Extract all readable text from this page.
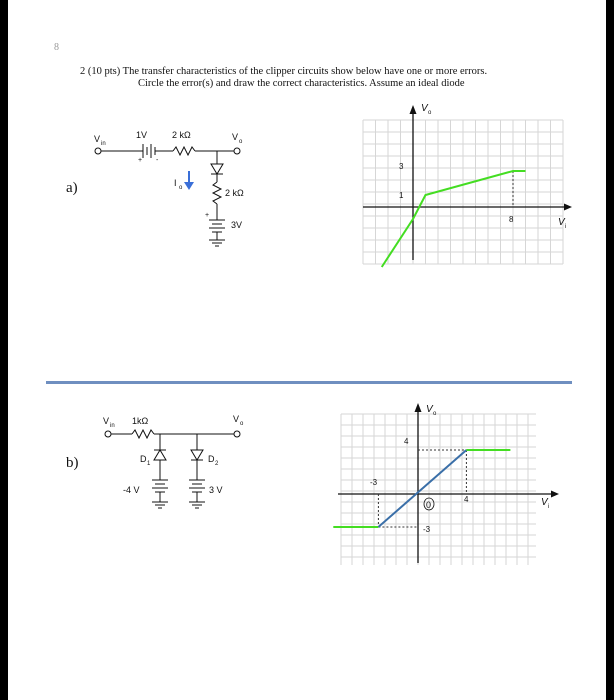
8
2 (10 pts) The transfer characteristics of the clipper circuits show below have one or more errors.
Circle the error(s) and draw the correct characteristics. Assume an ideal diode
a)
b)
V in
1V
+ -
2 kΩ	V o
I o	2 kΩ
+
3V
V o
V i
3
1
8
V in 1kΩ	V o
D 1	D 2
-4 V	3 V
V o
V i
4
-3
0
4
-3
